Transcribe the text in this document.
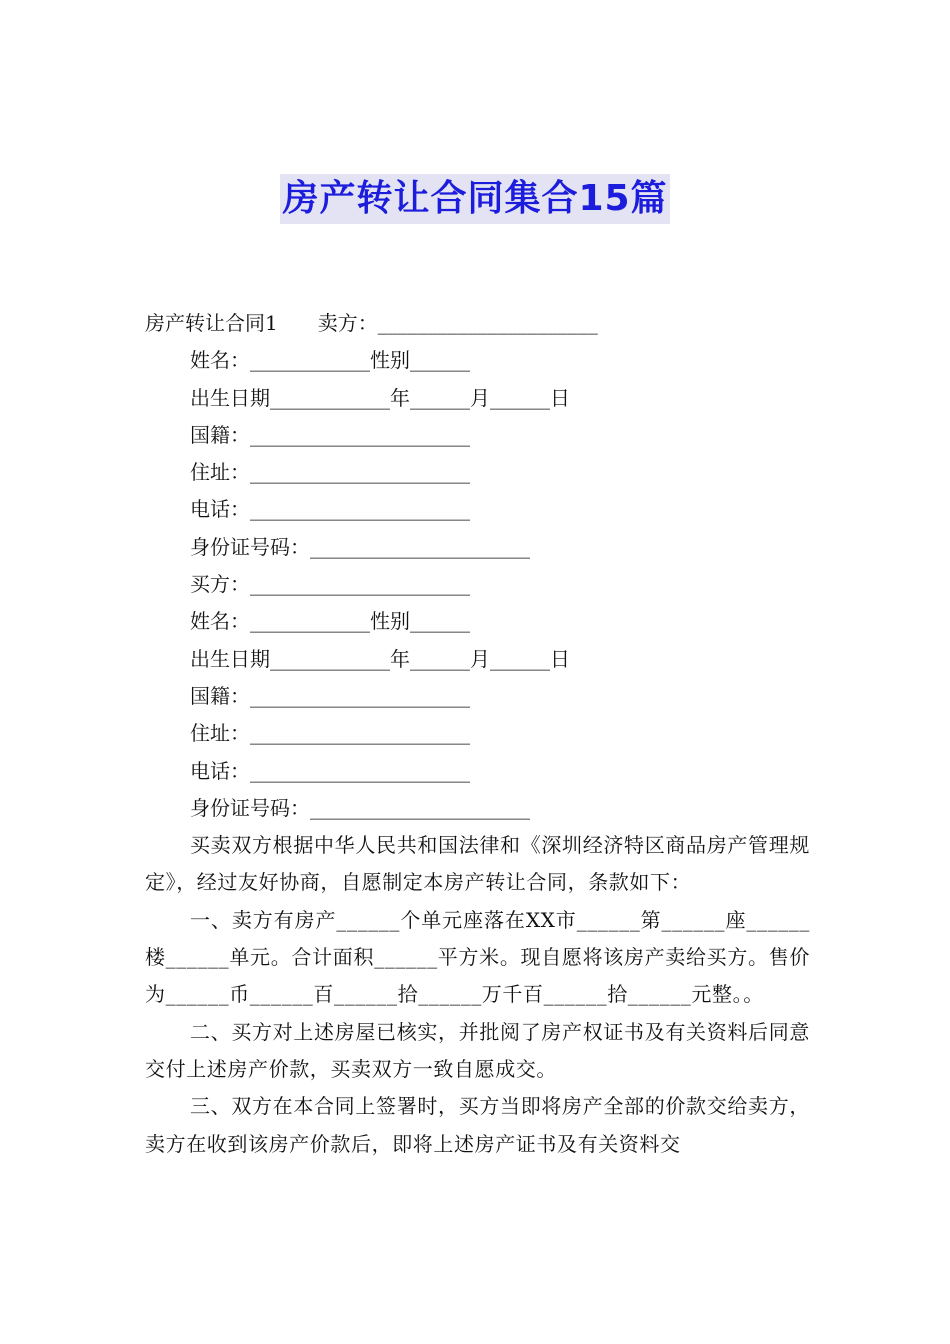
房产转让合同集合15篇
房产转让合同1　　卖方：______________________
姓名：____________性别______
出生日期____________年______月______日
国籍：______________________
住址：______________________
电话：______________________
身份证号码：______________________
买方：______________________
姓名：____________性别______
出生日期____________年______月______日
国籍：______________________
住址：______________________
电话：______________________
身份证号码：______________________

买卖双方根据中华人民共和国法律和《深圳经济特区商品房产管理规定》，经过友好协商，自愿制定本房产转让合同，条款如下：

一、卖方有房产______个单元座落在XX市______第______座______楼______单元。合计面积______平方米。现自愿将该房产卖给买方。售价为______币______百______拾______万千百______拾______元整。。

二、买方对上述房屋已核实，并批阅了房产权证书及有关资料后同意交付上述房产价款，买卖双方一致自愿成交。

三、双方在本合同上签署时，买方当即将房产全部的价款交给卖方，卖方在收到该房产价款后，即将上述房产证书及有关资料交
